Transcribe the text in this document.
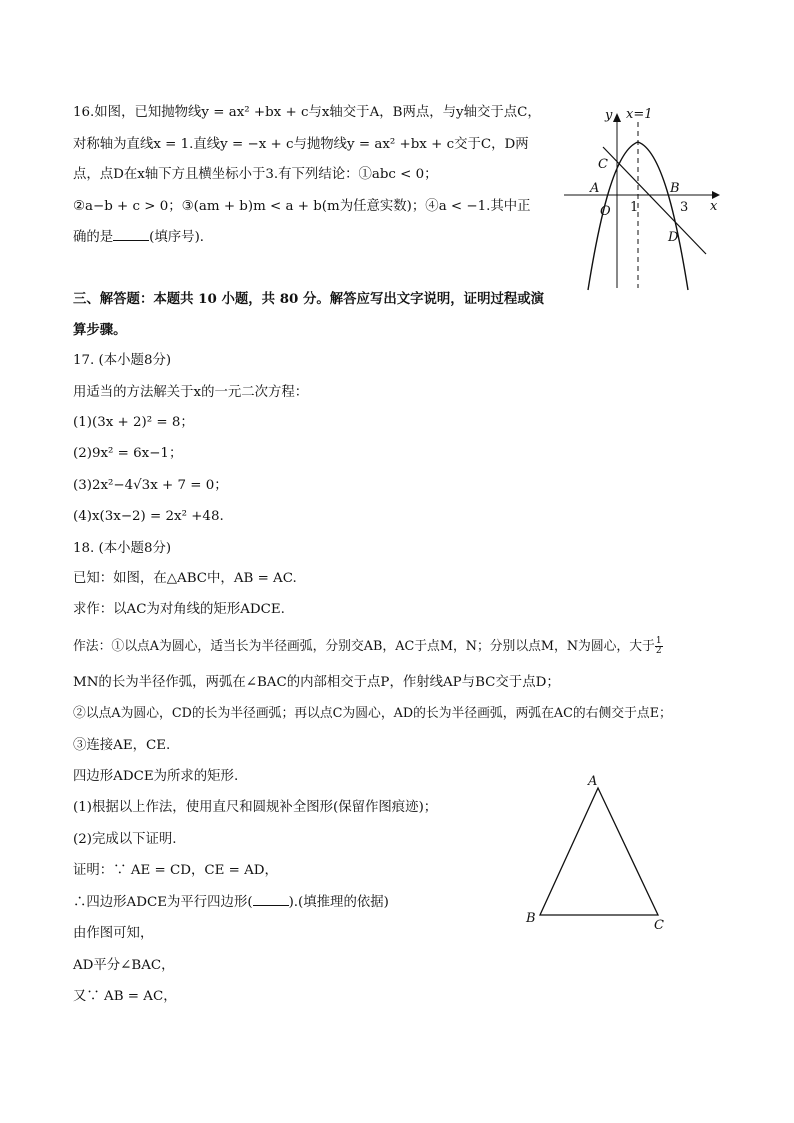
16.如图，已知抛物线y = ax² +bx + c与x轴交于A，B两点，与y轴交于点C，
对称轴为直线x = 1.直线y = −x + c与抛物线y = ax² +bx + c交于C，D两
点，点D在x轴下方且横坐标小于3.有下列结论：①abc < 0；
②a−b + c > 0；③(am + b)m < a + b(m为任意实数)；④a < −1.其中正
确的是	(填序号)．
y x=1
x
C
A	B
O 1	3
D
三、解答题：本题共 10 小题，共 80 分。解答应写出文字说明，证明过程或演
算步骤。
17. (本小题8分)
用适当的方法解关于x的一元二次方程：
(1)(3x + 2)² = 8；
(2)9x² = 6x−1；
(3)2x²−4√3x + 7 = 0；
(4)x(3x−2) = 2x² +48.
18. (本小题8分)
已知：如图，在△ABC中，AB = AC.
求作：以AC为对角线的矩形ADCE.
作法：①以点A为圆心，适当长为半径画弧，分别交AB，AC于点M，N；分别以点M，N为圆心，大于 $\frac{1}{2}$
MN的长为半径作弧，两弧在∠BAC的内部相交于点P，作射线AP与BC交于点D；
②以点A为圆心，CD的长为半径画弧；再以点C为圆心，AD的长为半径画弧，两弧在AC的右侧交于点E；
③连接AE，CE.
四边形ADCE为所求的矩形.
(1)根据以上作法，使用直尺和圆规补全图形(保留作图痕迹)；
(2)完成以下证明.
证明：∵ AE = CD，CE = AD，
∴四边形ADCE为平行四边形(	).(填推理的依据)
由作图可知，
AD平分∠BAC，
又∵ AB = AC，
A
B	C
